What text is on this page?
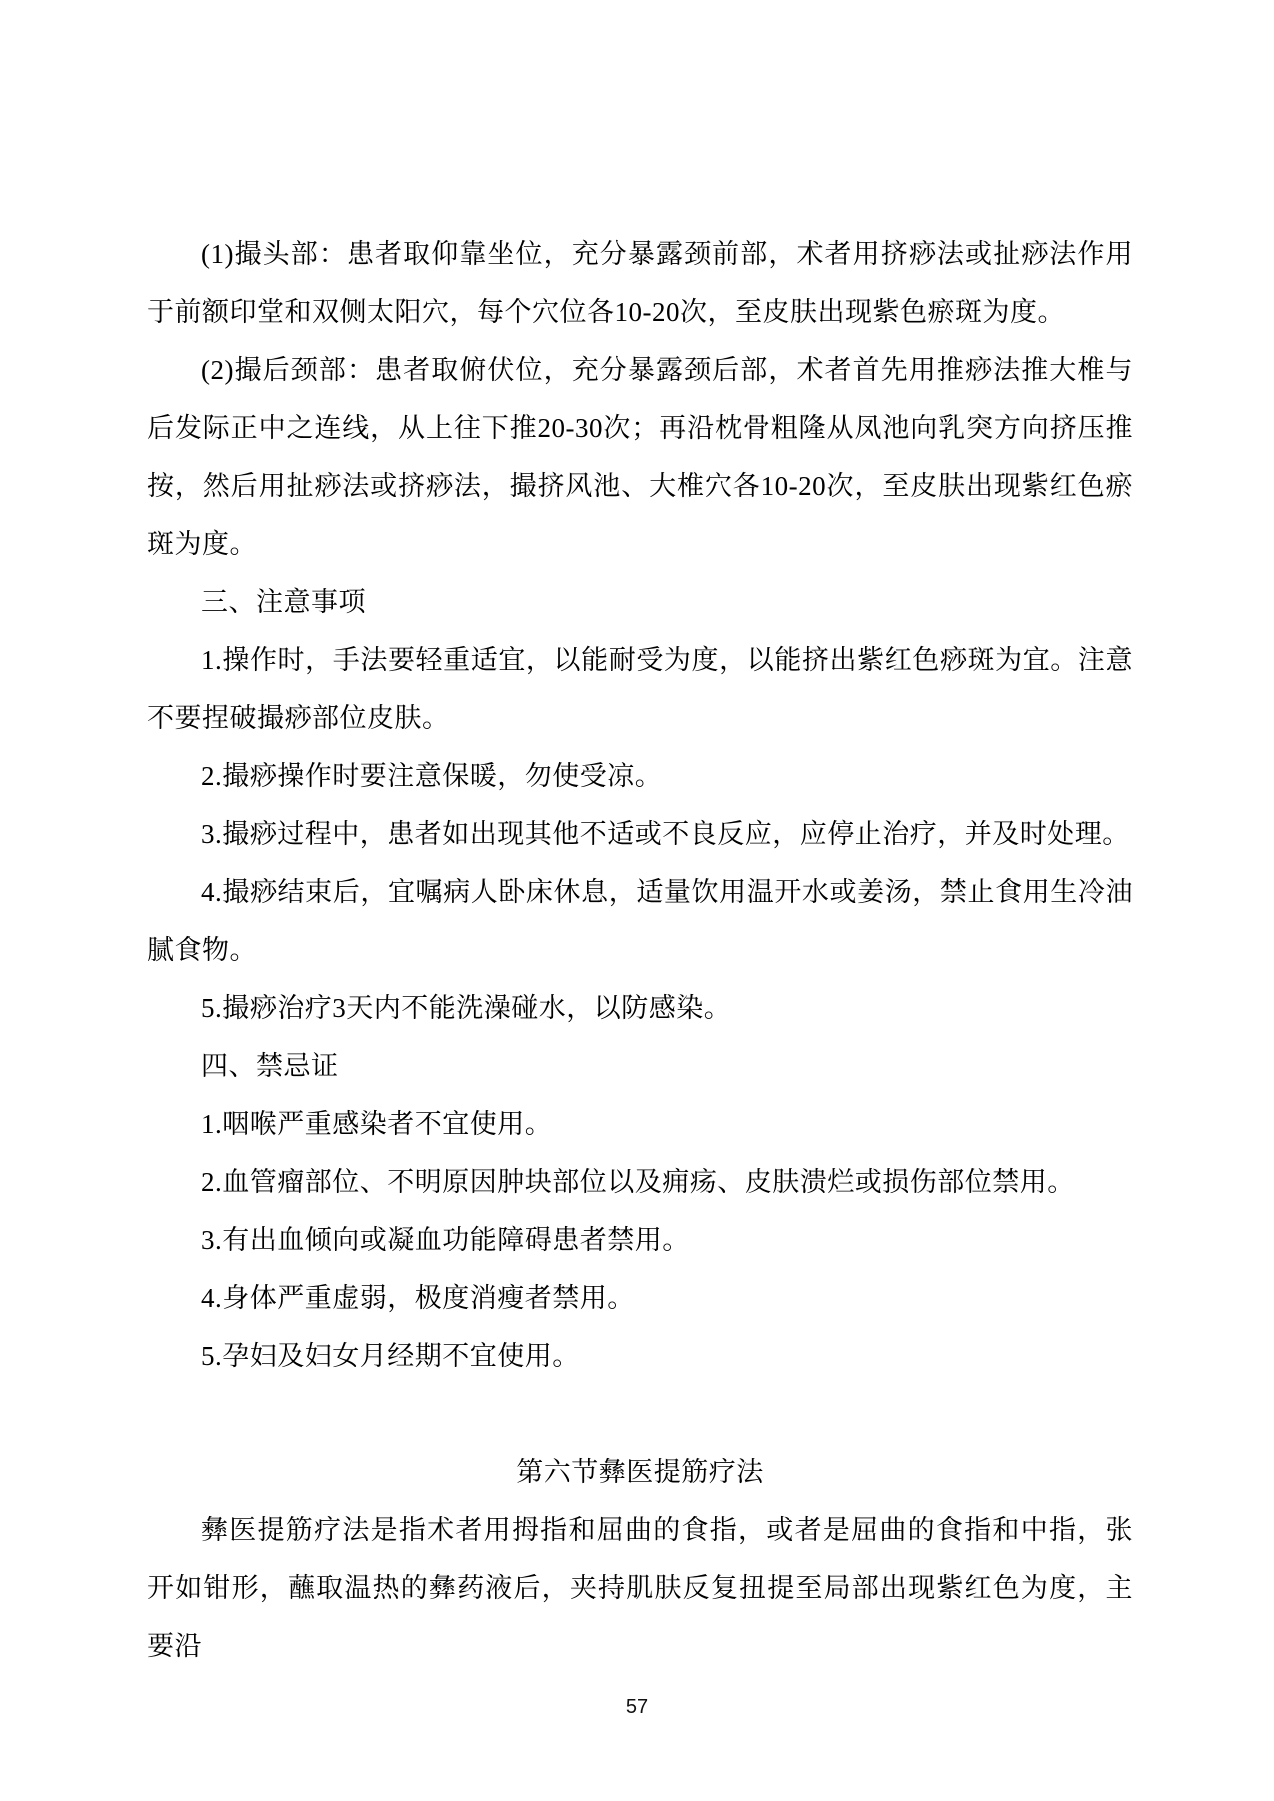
(1)撮头部：患者取仰靠坐位，充分暴露颈前部，术者用挤痧法或扯痧法作用于前额印堂和双侧太阳穴，每个穴位各10-20次，至皮肤出现紫色瘀斑为度。

(2)撮后颈部：患者取俯伏位，充分暴露颈后部，术者首先用推痧法推大椎与后发际正中之连线，从上往下推20-30次；再沿枕骨粗隆从凤池向乳突方向挤压推按，然后用扯痧法或挤痧法，撮挤风池、大椎穴各10-20次，至皮肤出现紫红色瘀斑为度。

三、注意事项

1.操作时，手法要轻重适宜，以能耐受为度，以能挤出紫红色痧斑为宜。注意不要捏破撮痧部位皮肤。

2.撮痧操作时要注意保暖，勿使受凉。

3.撮痧过程中，患者如出现其他不适或不良反应，应停止治疗，并及时处理。

4.撮痧结束后，宜嘱病人卧床休息，适量饮用温开水或姜汤，禁止食用生冷油腻食物。

5.撮痧治疗3天内不能洗澡碰水，以防感染。

四、禁忌证

1.咽喉严重感染者不宜使用。

2.血管瘤部位、不明原因肿块部位以及痈疡、皮肤溃烂或损伤部位禁用。

3.有出血倾向或凝血功能障碍患者禁用。

4.身体严重虚弱，极度消瘦者禁用。

5.孕妇及妇女月经期不宜使用。

第六节彝医提筋疗法

彝医提筋疗法是指术者用拇指和屈曲的食指，或者是屈曲的食指和中指，张开如钳形，蘸取温热的彝药液后，夹持肌肤反复扭提至局部出现紫红色为度，主要沿

57
